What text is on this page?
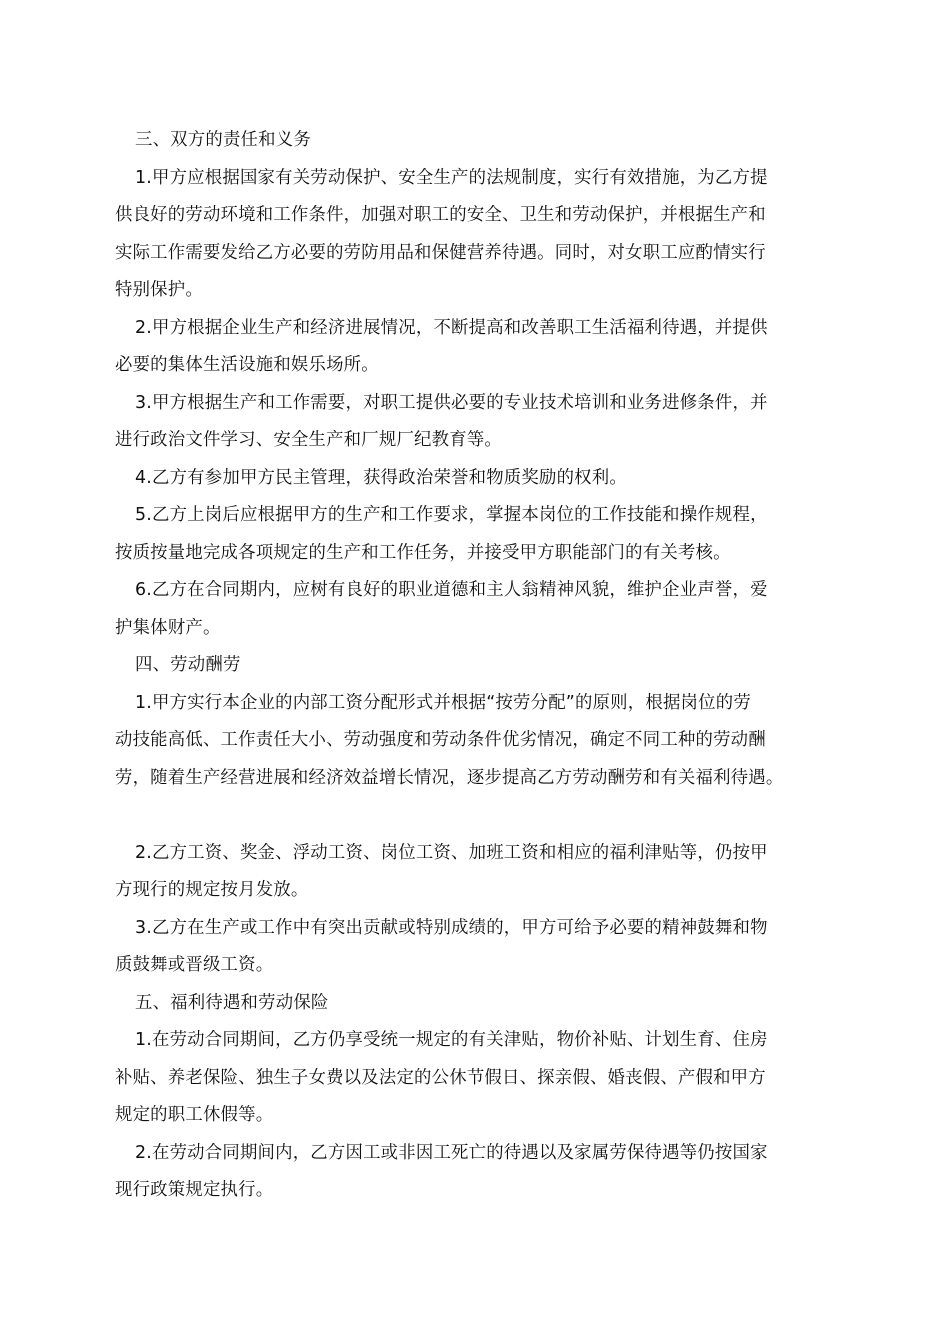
三、双方的责任和义务
1.甲方应根据国家有关劳动保护、安全生产的法规制度，实行有效措施，为乙方提
供良好的劳动环境和工作条件，加强对职工的安全、卫生和劳动保护，并根据生产和
实际工作需要发给乙方必要的劳防用品和保健营养待遇。同时，对女职工应酌情实行
特别保护。
2.甲方根据企业生产和经济进展情况，不断提高和改善职工生活福利待遇，并提供
必要的集体生活设施和娱乐场所。
3.甲方根据生产和工作需要，对职工提供必要的专业技术培训和业务进修条件，并
进行政治文件学习、安全生产和厂规厂纪教育等。
4.乙方有参加甲方民主管理，获得政治荣誉和物质奖励的权利。
5.乙方上岗后应根据甲方的生产和工作要求，掌握本岗位的工作技能和操作规程，
按质按量地完成各项规定的生产和工作任务，并接受甲方职能部门的有关考核。
6.乙方在合同期内，应树有良好的职业道德和主人翁精神风貌，维护企业声誉，爱
护集体财产。
四、劳动酬劳
1.甲方实行本企业的内部工资分配形式并根据“按劳分配”的原则，根据岗位的劳
动技能高低、工作责任大小、劳动强度和劳动条件优劣情况，确定不同工种的劳动酬
劳，随着生产经营进展和经济效益增长情况，逐步提高乙方劳动酬劳和有关福利待遇。
2.乙方工资、奖金、浮动工资、岗位工资、加班工资和相应的福利津贴等，仍按甲
方现行的规定按月发放。
3.乙方在生产或工作中有突出贡献或特别成绩的，甲方可给予必要的精神鼓舞和物
质鼓舞或晋级工资。
五、福利待遇和劳动保险
1.在劳动合同期间，乙方仍享受统一规定的有关津贴，物价补贴、计划生育、住房
补贴、养老保险、独生子女费以及法定的公休节假日、探亲假、婚丧假、产假和甲方
规定的职工休假等。
2.在劳动合同期间内，乙方因工或非因工死亡的待遇以及家属劳保待遇等仍按国家
现行政策规定执行。
